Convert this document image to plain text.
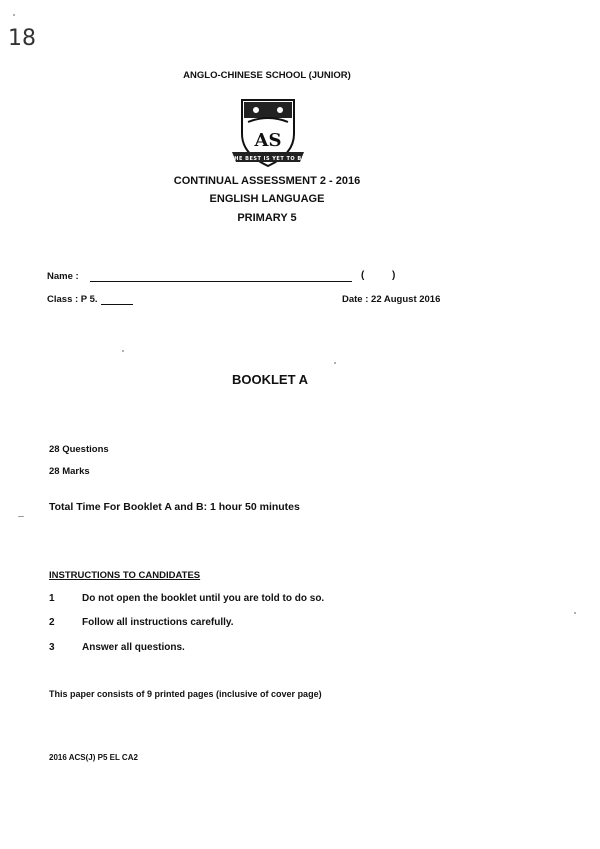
18
ANGLO-CHINESE SCHOOL (JUNIOR)
AS
THE BEST IS YET TO BE
CONTINUAL ASSESSMENT 2 - 2016
ENGLISH LANGUAGE
PRIMARY 5
Name :	(	)
Class : P 5.	Date : 22 August 2016
BOOKLET A
28 Questions
28 Marks
Total Time For Booklet A and B: 1 hour 50 minutes
INSTRUCTIONS TO CANDIDATES
1	Do not open the booklet until you are told to do so.
2	Follow all instructions carefully.
3	Answer all questions.
This paper consists of 9 printed pages (inclusive of cover page)
2016 ACS(J) P5 EL CA2
